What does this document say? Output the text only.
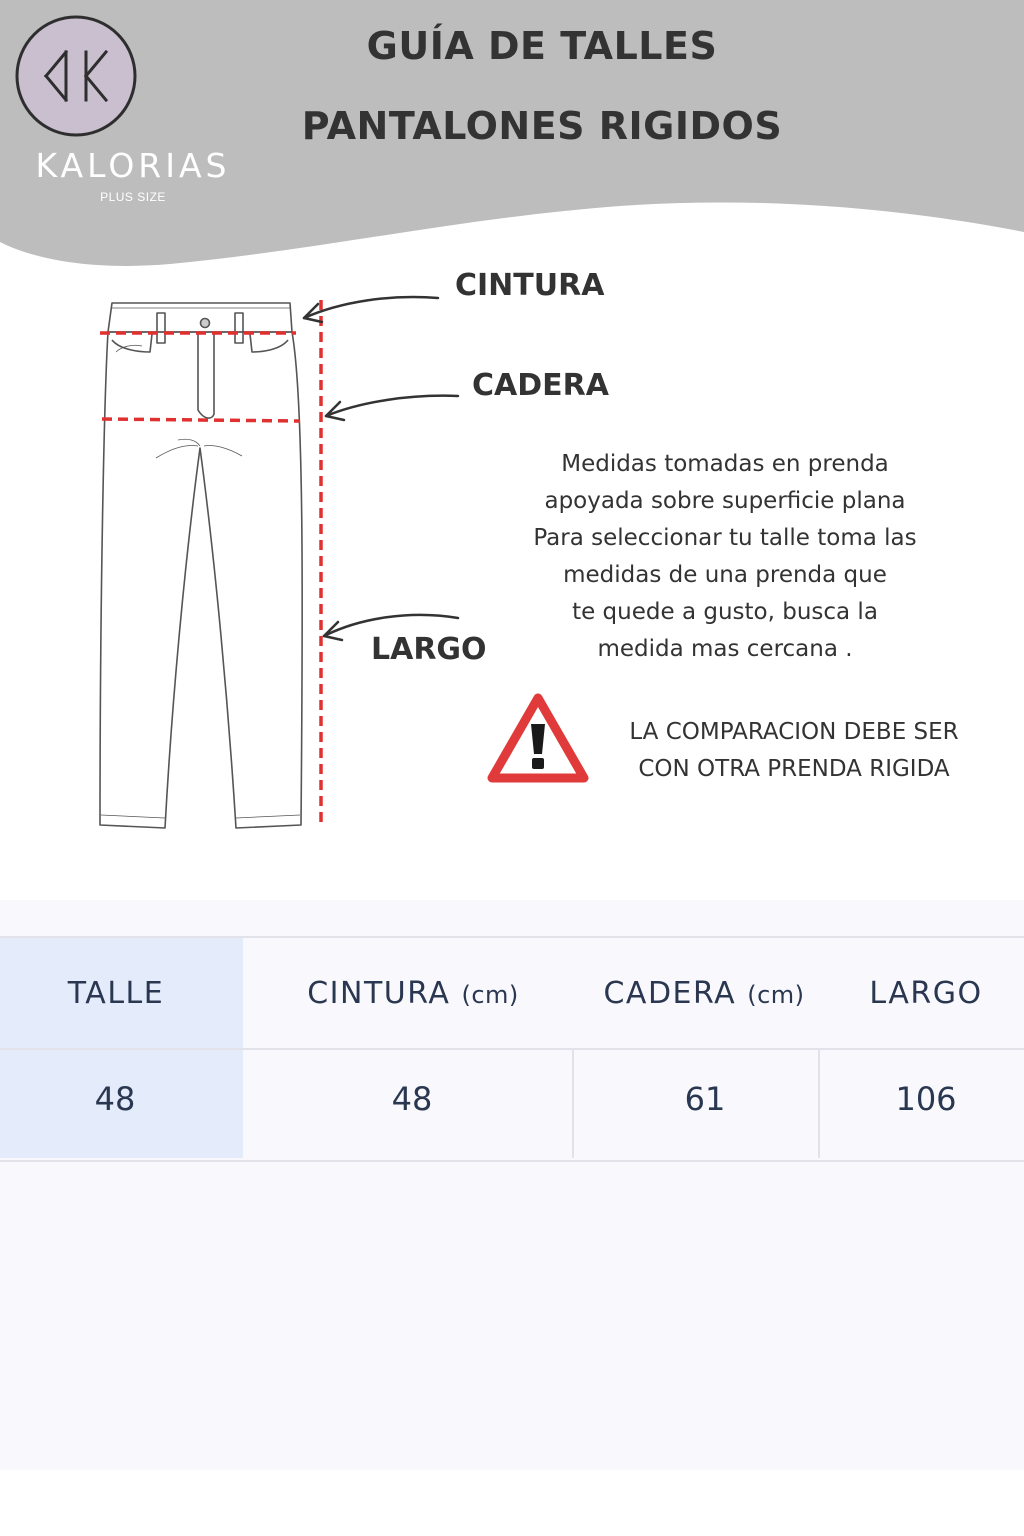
KALORIAS
PLUS SIZE
GUÍA DE TALLES
PANTALONES RIGIDOS
CINTURA
CADERA
LARGO
Medidas tomadas en prenda
apoyada sobre superficie plana
Para seleccionar tu talle toma las
medidas de una prenda que
te quede a gusto, busca la
medida mas cercana .
LA COMPARACION DEBE SER
CON OTRA PRENDA RIGIDA
TALLE	CINTURA (cm)	CADERA (cm)	LARGO
48	48	61	106
